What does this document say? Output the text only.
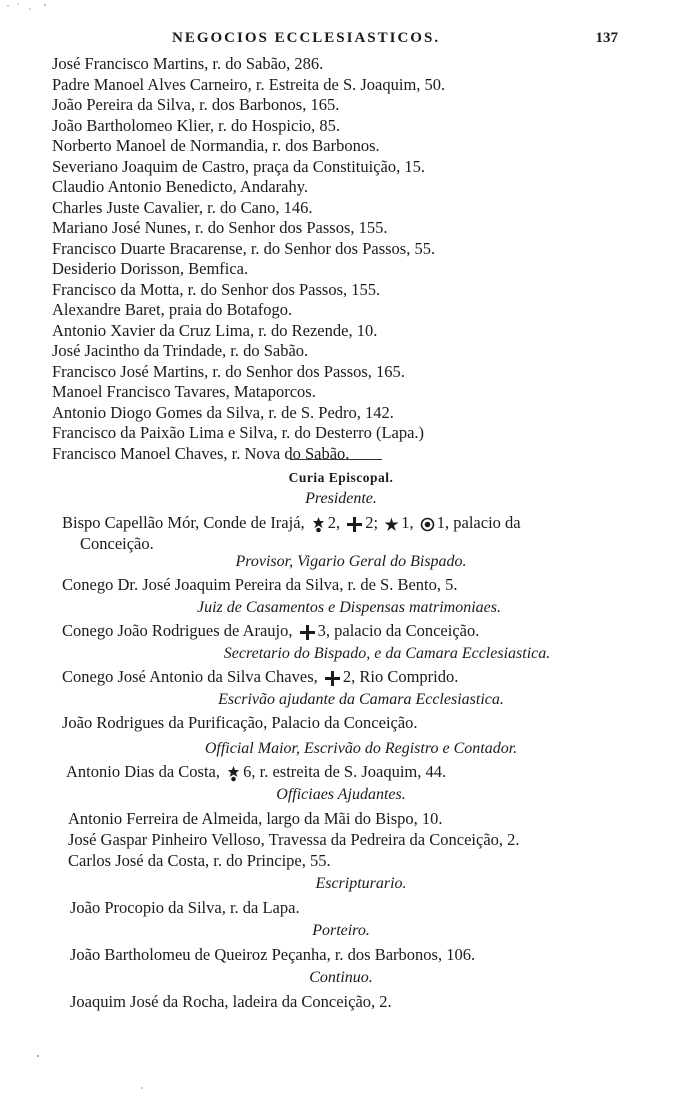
NEGOCIOS ECCLESIASTICOS.	137
José Francisco Martins, r. do Sabão, 286.
Padre Manoel Alves Carneiro, r. Estreita de S. Joaquim, 50.
João Pereira da Silva, r. dos Barbonos, 165.
João Bartholomeo Klier, r. do Hospicio, 85.
Norberto Manoel de Normandia, r. dos Barbonos.
Severiano Joaquim de Castro, praça da Constituição, 15.
Claudio Antonio Benedicto, Andarahy.
Charles Juste Cavalier, r. do Cano, 146.
Mariano José Nunes, r. do Senhor dos Passos, 155.
Francisco Duarte Bracarense, r. do Senhor dos Passos, 55.
Desiderio Dorisson, Bemfica.
Francisco da Motta, r. do Senhor dos Passos, 155.
Alexandre Baret, praia do Botafogo.
Antonio Xavier da Cruz Lima, r. do Rezende, 10.
José Jacintho da Trindade, r. do Sabão.
Francisco José Martins, r. do Senhor dos Passos, 165.
Manoel Francisco Tavares, Mataporcos.
Antonio Diogo Gomes da Silva, r. de S. Pedro, 142.
Francisco da Paixão Lima e Silva, r. do Desterro (Lapa.)
Francisco Manoel Chaves, r. Nova do Sabão.
Curia Episcopal.
Presidente.
Bispo Capellão Mór, Conde de Irajá, 2, 2; 1, 1, palacio da
Conceição.
Provisor, Vigario Geral do Bispado.
Conego Dr. José Joaquim Pereira da Silva, r. de S. Bento, 5.
Juiz de Casamentos e Dispensas matrimoniaes.
Conego João Rodrigues de Araujo, 3, palacio da Conceição.
Secretario do Bispado, e da Camara Ecclesiastica.
Conego José Antonio da Silva Chaves, 2, Rio Comprido.
Escrivão ajudante da Camara Ecclesiastica.
João Rodrigues da Purificação, Palacio da Conceição.
Official Maior, Escrivão do Registro e Contador.
Antonio Dias da Costa, 6, r. estreita de S. Joaquim, 44.
Officiaes Ajudantes.
Antonio Ferreira de Almeida, largo da Mãi do Bispo, 10.
José Gaspar Pinheiro Velloso, Travessa da Pedreira da Conceição, 2.
Carlos José da Costa, r. do Principe, 55.
Escripturario.
João Procopio da Silva, r. da Lapa.
Porteiro.
João Bartholomeu de Queiroz Peçanha, r. dos Barbonos, 106.
Continuo.
Joaquim José da Rocha, ladeira da Conceição, 2.
